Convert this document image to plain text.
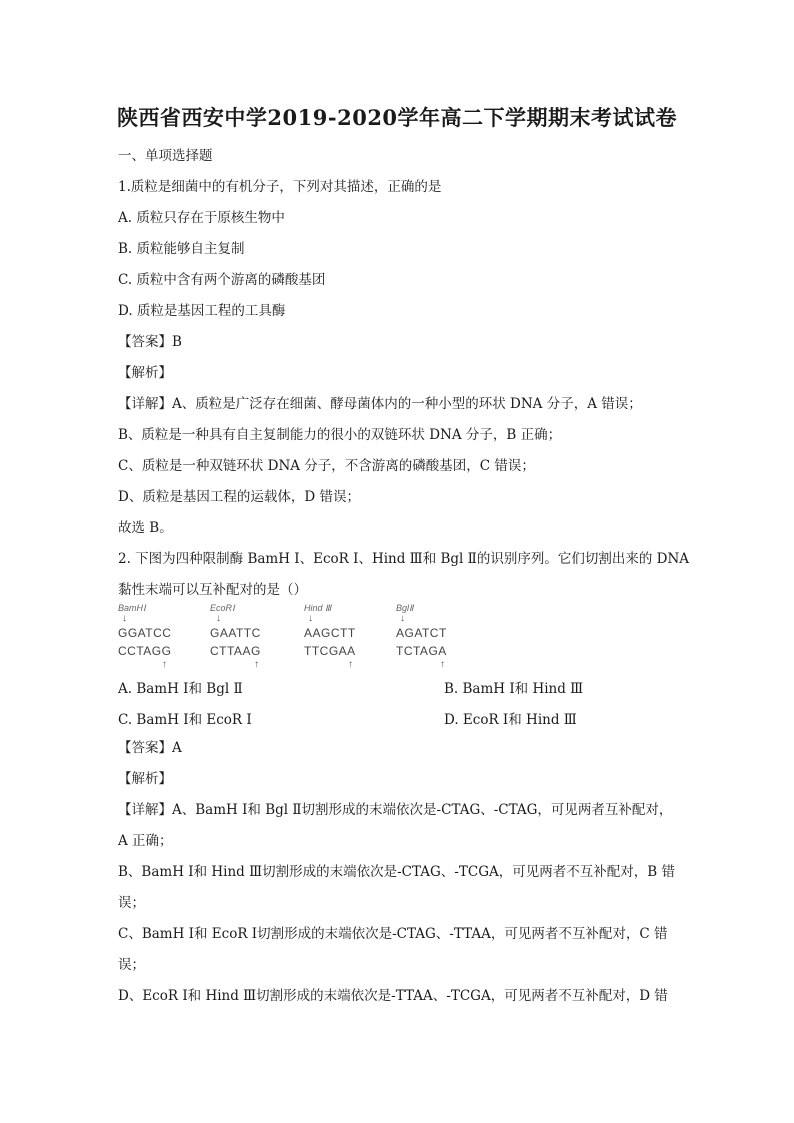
陕西省西安中学2019-2020学年高二下学期期末考试试卷
一、单项选择题
1.质粒是细菌中的有机分子，下列对其描述，正确的是
A. 质粒只存在于原核生物中
B. 质粒能够自主复制
C. 质粒中含有两个游离的磷酸基团
D. 质粒是基因工程的工具酶
【答案】B
【解析】
【详解】A、质粒是广泛存在细菌、酵母菌体内的一种小型的环状 DNA 分子，A 错误；
B、质粒是一种具有自主复制能力的很小的双链环状 DNA 分子，B 正确；
C、质粒是一种双链环状 DNA 分子，不含游离的磷酸基团，C 错误；
D、质粒是基因工程的运载体，D 错误；
故选 B。
2. 下图为四种限制酶 BamH Ⅰ、EcoR Ⅰ、Hind Ⅲ和 Bgl Ⅱ的识别序列。它们切割出来的 DNA
黏性末端可以互补配对的是（）
BamHⅠ
↓
GGATCC
CCTAGG
↑
EcoRⅠ
↓
GAATTC
CTTAAG
↑
Hind Ⅲ
↓
AAGCTT
TTCGAA
↑
BglⅡ
↓
AGATCT
TCTAGA
↑
A. BamH Ⅰ和 Bgl Ⅱ	B. BamH Ⅰ和 Hind Ⅲ
C. BamH Ⅰ和 EcoR Ⅰ	D. EcoR Ⅰ和 Hind Ⅲ
【答案】A
【解析】
【详解】A、BamH Ⅰ和 Bgl Ⅱ切割形成的末端依次是-CTAG、-CTAG，可见两者互补配对，
A 正确；
B、BamH Ⅰ和 Hind Ⅲ切割形成的末端依次是-CTAG、-TCGA，可见两者不互补配对，B 错
误；
C、BamH Ⅰ和 EcoR Ⅰ切割形成的末端依次是-CTAG、-TTAA，可见两者不互补配对，C 错
误；
D、EcoR Ⅰ和 Hind Ⅲ切割形成的末端依次是-TTAA、-TCGA，可见两者不互补配对，D 错
